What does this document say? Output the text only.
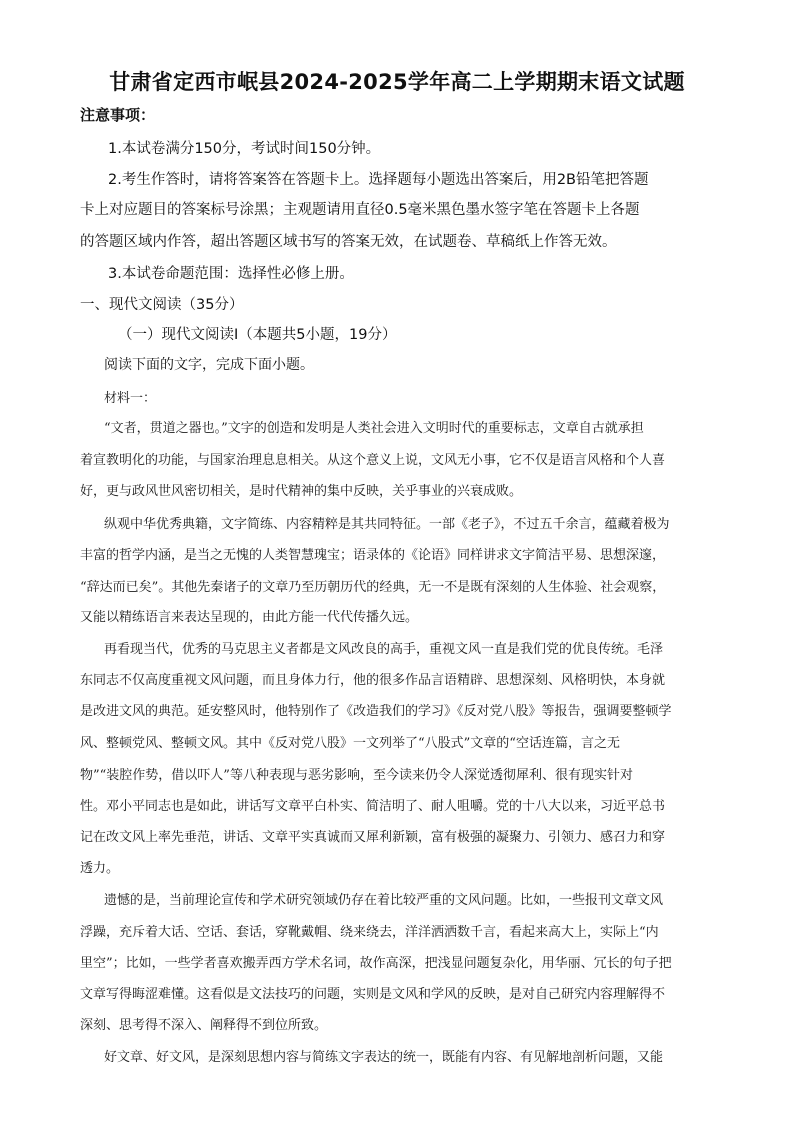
甘肃省定西市岷县2024-2025学年高二上学期期末语文试题
注意事项：
1.本试卷满分150分，考试时间150分钟。
2.考生作答时，请将答案答在答题卡上。选择题每小题选出答案后，用2B铅笔把答题
卡上对应题目的答案标号涂黑；主观题请用直径0.5毫米黑色墨水签字笔在答题卡上各题
的答题区域内作答，超出答题区域书写的答案无效，在试题卷、草稿纸上作答无效。
3.本试卷命题范围：选择性必修上册。
一、现代文阅读（35分）
（一）现代文阅读Ⅰ（本题共5小题，19分）
阅读下面的文字，完成下面小题。
材料一：
“文者，贯道之器也。”文字的创造和发明是人类社会进入文明时代的重要标志，文章自古就承担
着宣教明化的功能，与国家治理息息相关。从这个意义上说，文风无小事，它不仅是语言风格和个人喜
好，更与政风世风密切相关，是时代精神的集中反映，关乎事业的兴衰成败。
纵观中华优秀典籍，文字简练、内容精粹是其共同特征。一部《老子》，不过五千余言，蕴藏着极为
丰富的哲学内涵，是当之无愧的人类智慧瑰宝；语录体的《论语》同样讲求文字简洁平易、思想深邃，
“辞达而已矣”。其他先秦诸子的文章乃至历朝历代的经典，无一不是既有深刻的人生体验、社会观察，
又能以精练语言来表达呈现的，由此方能一代代传播久远。
再看现当代，优秀的马克思主义者都是文风改良的高手，重视文风一直是我们党的优良传统。毛泽
东同志不仅高度重视文风问题，而且身体力行，他的很多作品言语精辟、思想深刻、风格明快，本身就
是改进文风的典范。延安整风时，他特别作了《改造我们的学习》《反对党八股》等报告，强调要整顿学
风、整顿党风、整顿文风。其中《反对党八股》一文列举了“八股式”文章的“空话连篇，言之无
物”“装腔作势，借以吓人”等八种表现与恶劣影响，至今读来仍令人深觉透彻犀利、很有现实针对
性。邓小平同志也是如此，讲话写文章平白朴实、简洁明了、耐人咀嚼。党的十八大以来，习近平总书
记在改文风上率先垂范，讲话、文章平实真诚而又犀利新颖，富有极强的凝聚力、引领力、感召力和穿
透力。
遗憾的是，当前理论宣传和学术研究领域仍存在着比较严重的文风问题。比如，一些报刊文章文风
浮躁，充斥着大话、空话、套话，穿靴戴帽、绕来绕去，洋洋洒洒数千言，看起来高大上，实际上“内
里空”；比如，一些学者喜欢搬弄西方学术名词，故作高深，把浅显问题复杂化，用华丽、冗长的句子把
文章写得晦涩难懂。这看似是文法技巧的问题，实则是文风和学风的反映，是对自己研究内容理解得不
深刻、思考得不深入、阐释得不到位所致。
好文章、好文风，是深刻思想内容与简练文字表达的统一，既能有内容、有见解地剖析问题，又能
